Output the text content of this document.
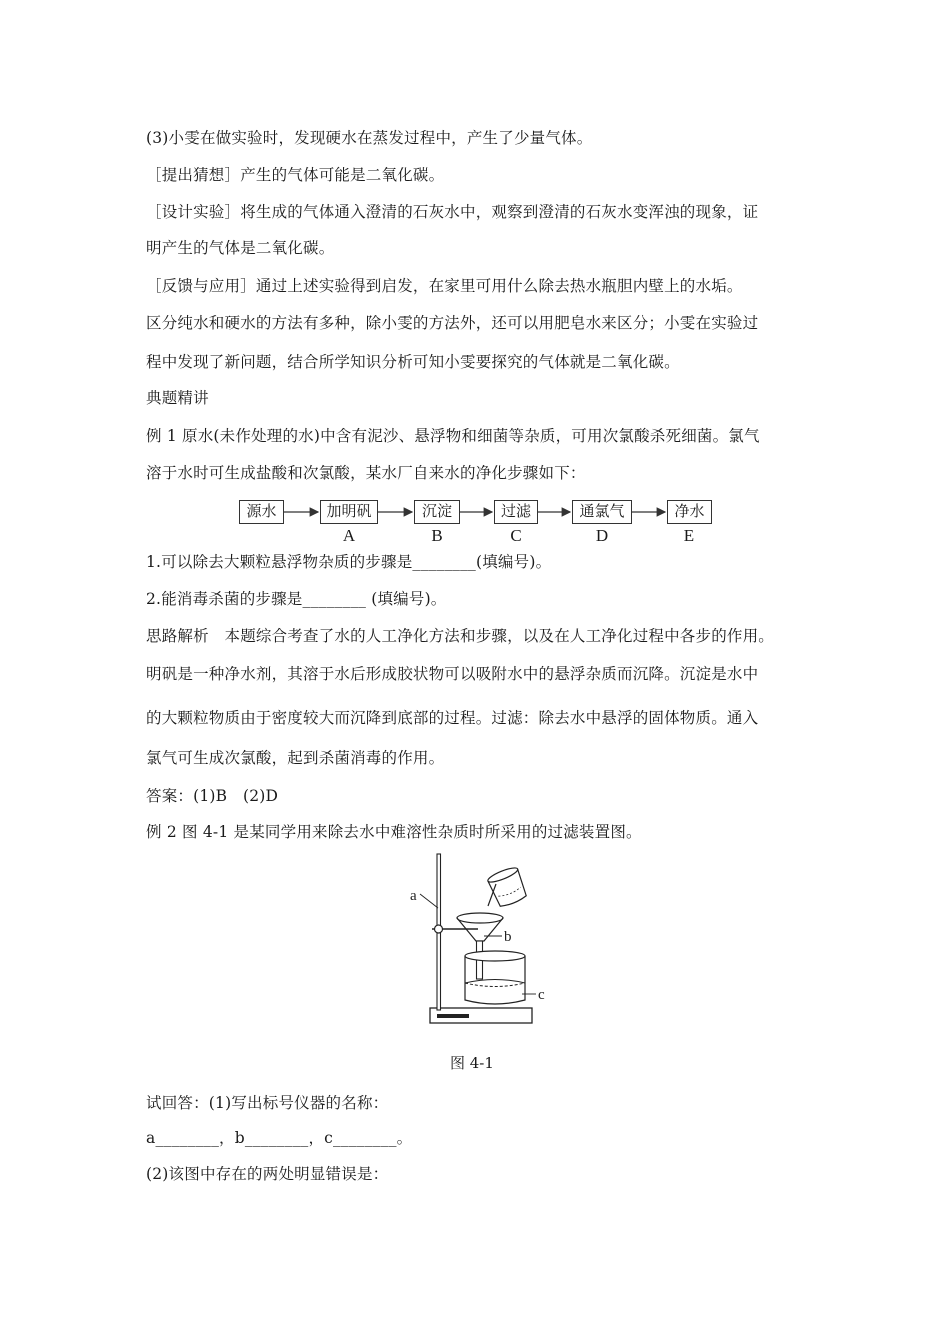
(3)小雯在做实验时，发现硬水在蒸发过程中，产生了少量气体。
［提出猜想］产生的气体可能是二氧化碳。
［设计实验］将生成的气体通入澄清的石灰水中，观察到澄清的石灰水变浑浊的现象，证
明产生的气体是二氧化碳。
［反馈与应用］通过上述实验得到启发，在家里可用什么除去热水瓶胆内壁上的水垢。
区分纯水和硬水的方法有多种，除小雯的方法外，还可以用肥皂水来区分；小雯在实验过
程中发现了新问题，结合所学知识分析可知小雯要探究的气体就是二氧化碳。
典题精讲
例 1 原水(未作处理的水)中含有泥沙、悬浮物和细菌等杂质，可用次氯酸杀死细菌。氯气
溶于水时可生成盐酸和次氯酸，某水厂自来水的净化步骤如下：
源水	加明矾	沉淀	过滤	通氯气	净水
A	B	C	D	E
1.可以除去大颗粒悬浮物杂质的步骤是________(填编号)。
2.能消毒杀菌的步骤是________ (填编号)。
思路解析　本题综合考查了水的人工净化方法和步骤，以及在人工净化过程中各步的作用。
明矾是一种净水剂，其溶于水后形成胶状物可以吸附水中的悬浮杂质而沉降。沉淀是水中
的大颗粒物质由于密度较大而沉降到底部的过程。过滤：除去水中悬浮的固体物质。通入
氯气可生成次氯酸，起到杀菌消毒的作用。
答案：(1)B　(2)D
例 2 图 4-1 是某同学用来除去水中难溶性杂质时所采用的过滤装置图。
a
b
c
图 4-1
试回答：(1)写出标号仪器的名称：
a________，b________，c________。
(2)该图中存在的两处明显错误是：
